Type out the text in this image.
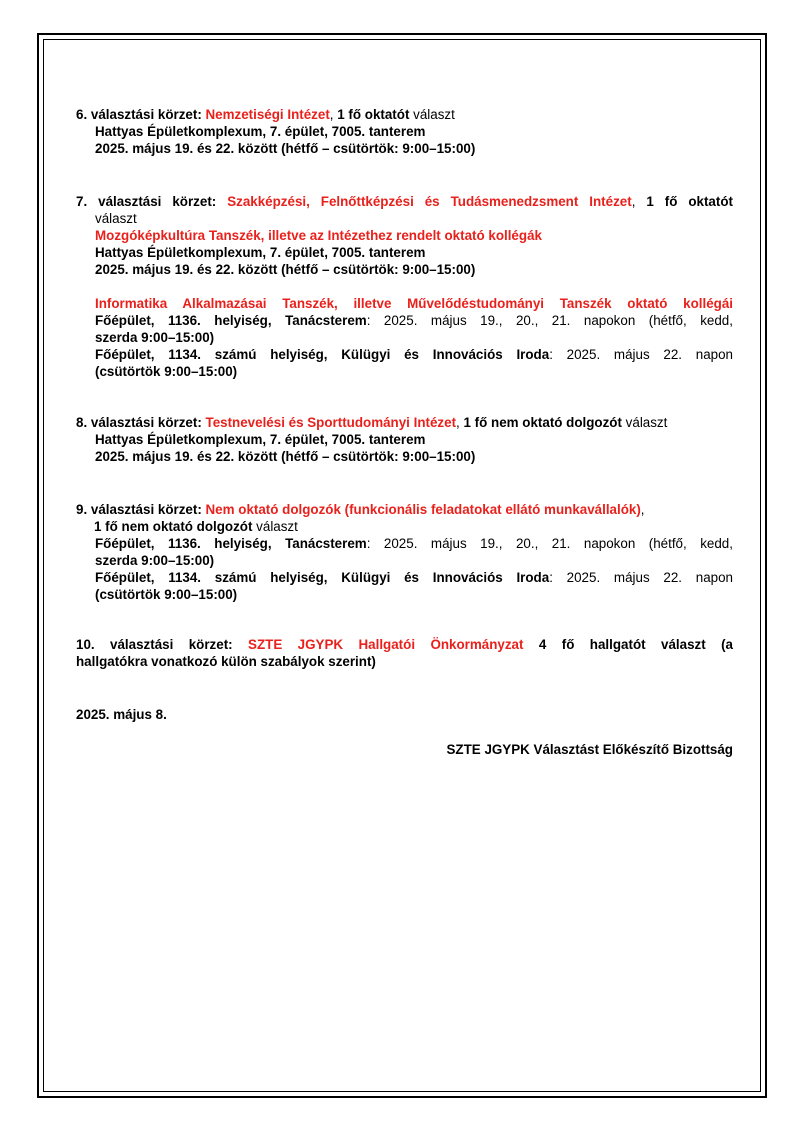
6. választási körzet: Nemzetiségi Intézet, 1 fő oktatót választ
Hattyas Épületkomplexum, 7. épület, 7005. tanterem
2025. május 19. és 22. között (hétfő – csütörtök: 9:00–15:00)
7. választási körzet: Szakképzési, Felnőttképzési és Tudásmenedzsment Intézet, 1 fő oktatót
választ
Mozgóképkultúra Tanszék, illetve az Intézethez rendelt oktató kollégák
Hattyas Épületkomplexum, 7. épület, 7005. tanterem
2025. május 19. és 22. között (hétfő – csütörtök: 9:00–15:00)
Informatika Alkalmazásai Tanszék, illetve Művelődéstudományi Tanszék oktató kollégái
Főépület, 1136. helyiség, Tanácsterem: 2025. május 19., 20., 21. napokon (hétfő, kedd,
szerda 9:00–15:00)
Főépület, 1134. számú helyiség, Külügyi és Innovációs Iroda: 2025. május 22. napon
(csütörtök 9:00–15:00)
8. választási körzet: Testnevelési és Sporttudományi Intézet, 1 fő nem oktató dolgozót választ
Hattyas Épületkomplexum, 7. épület, 7005. tanterem
2025. május 19. és 22. között (hétfő – csütörtök: 9:00–15:00)
9. választási körzet: Nem oktató dolgozók (funkcionális feladatokat ellátó munkavállalók),
1 fő nem oktató dolgozót választ
Főépület, 1136. helyiség, Tanácsterem: 2025. május 19., 20., 21. napokon (hétfő, kedd,
szerda 9:00–15:00)
Főépület, 1134. számú helyiség, Külügyi és Innovációs Iroda: 2025. május 22. napon
(csütörtök 9:00–15:00)
10. választási körzet: SZTE JGYPK Hallgatói Önkormányzat 4 fő hallgatót választ (a
hallgatókra vonatkozó külön szabályok szerint)
2025. május 8.
SZTE JGYPK Választást Előkészítő Bizottság
